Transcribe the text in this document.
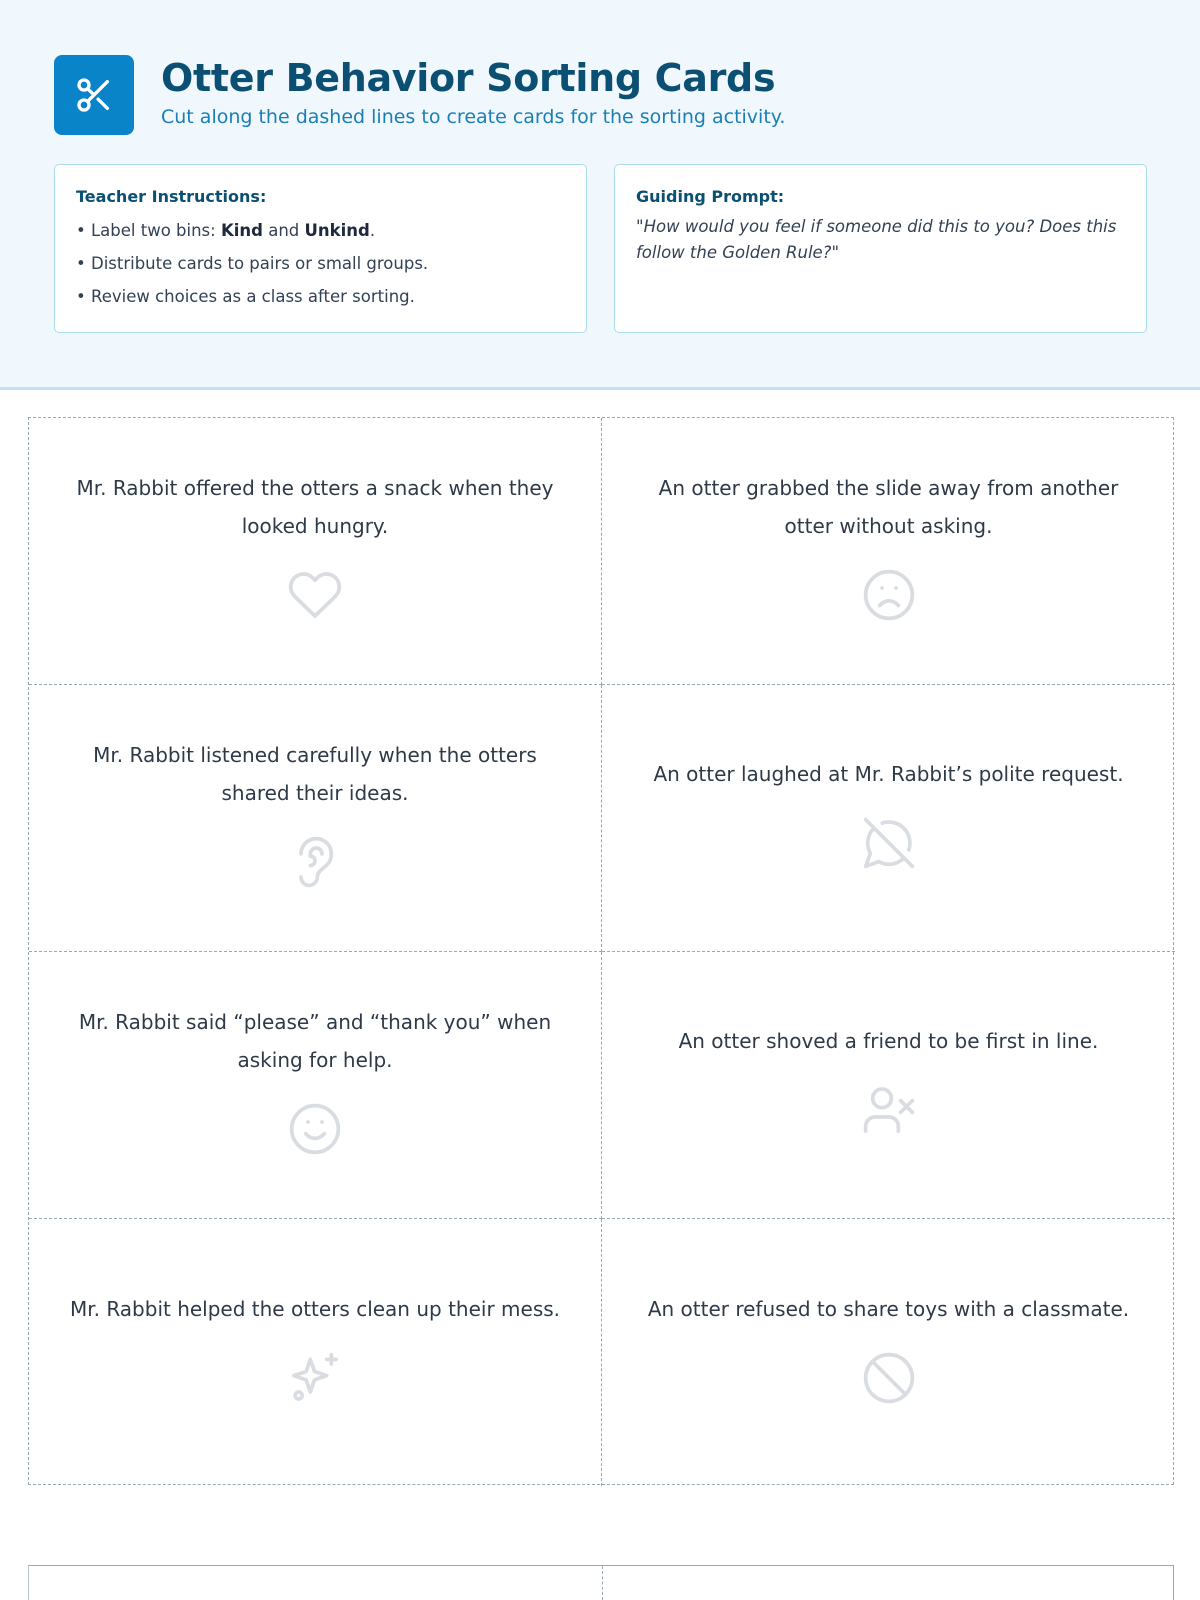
Otter Behavior Sorting Cards
Cut along the dashed lines to create cards for the sorting activity.
Teacher Instructions:
• Label two bins: Kind and Unkind.
• Distribute cards to pairs or small groups.
• Review choices as a class after sorting.
Guiding Prompt:
"How would you feel if someone did this to you? Does this follow the Golden Rule?"
Mr. Rabbit offered the otters a snack when they looked hungry.
An otter grabbed the slide away from another otter without asking.
Mr. Rabbit listened carefully when the otters shared their ideas.
An otter laughed at Mr. Rabbit’s polite request.
Mr. Rabbit said “please” and “thank you” when asking for help.
An otter shoved a friend to be first in line.
Mr. Rabbit helped the otters clean up their mess.	An otter refused to share toys with a classmate.
